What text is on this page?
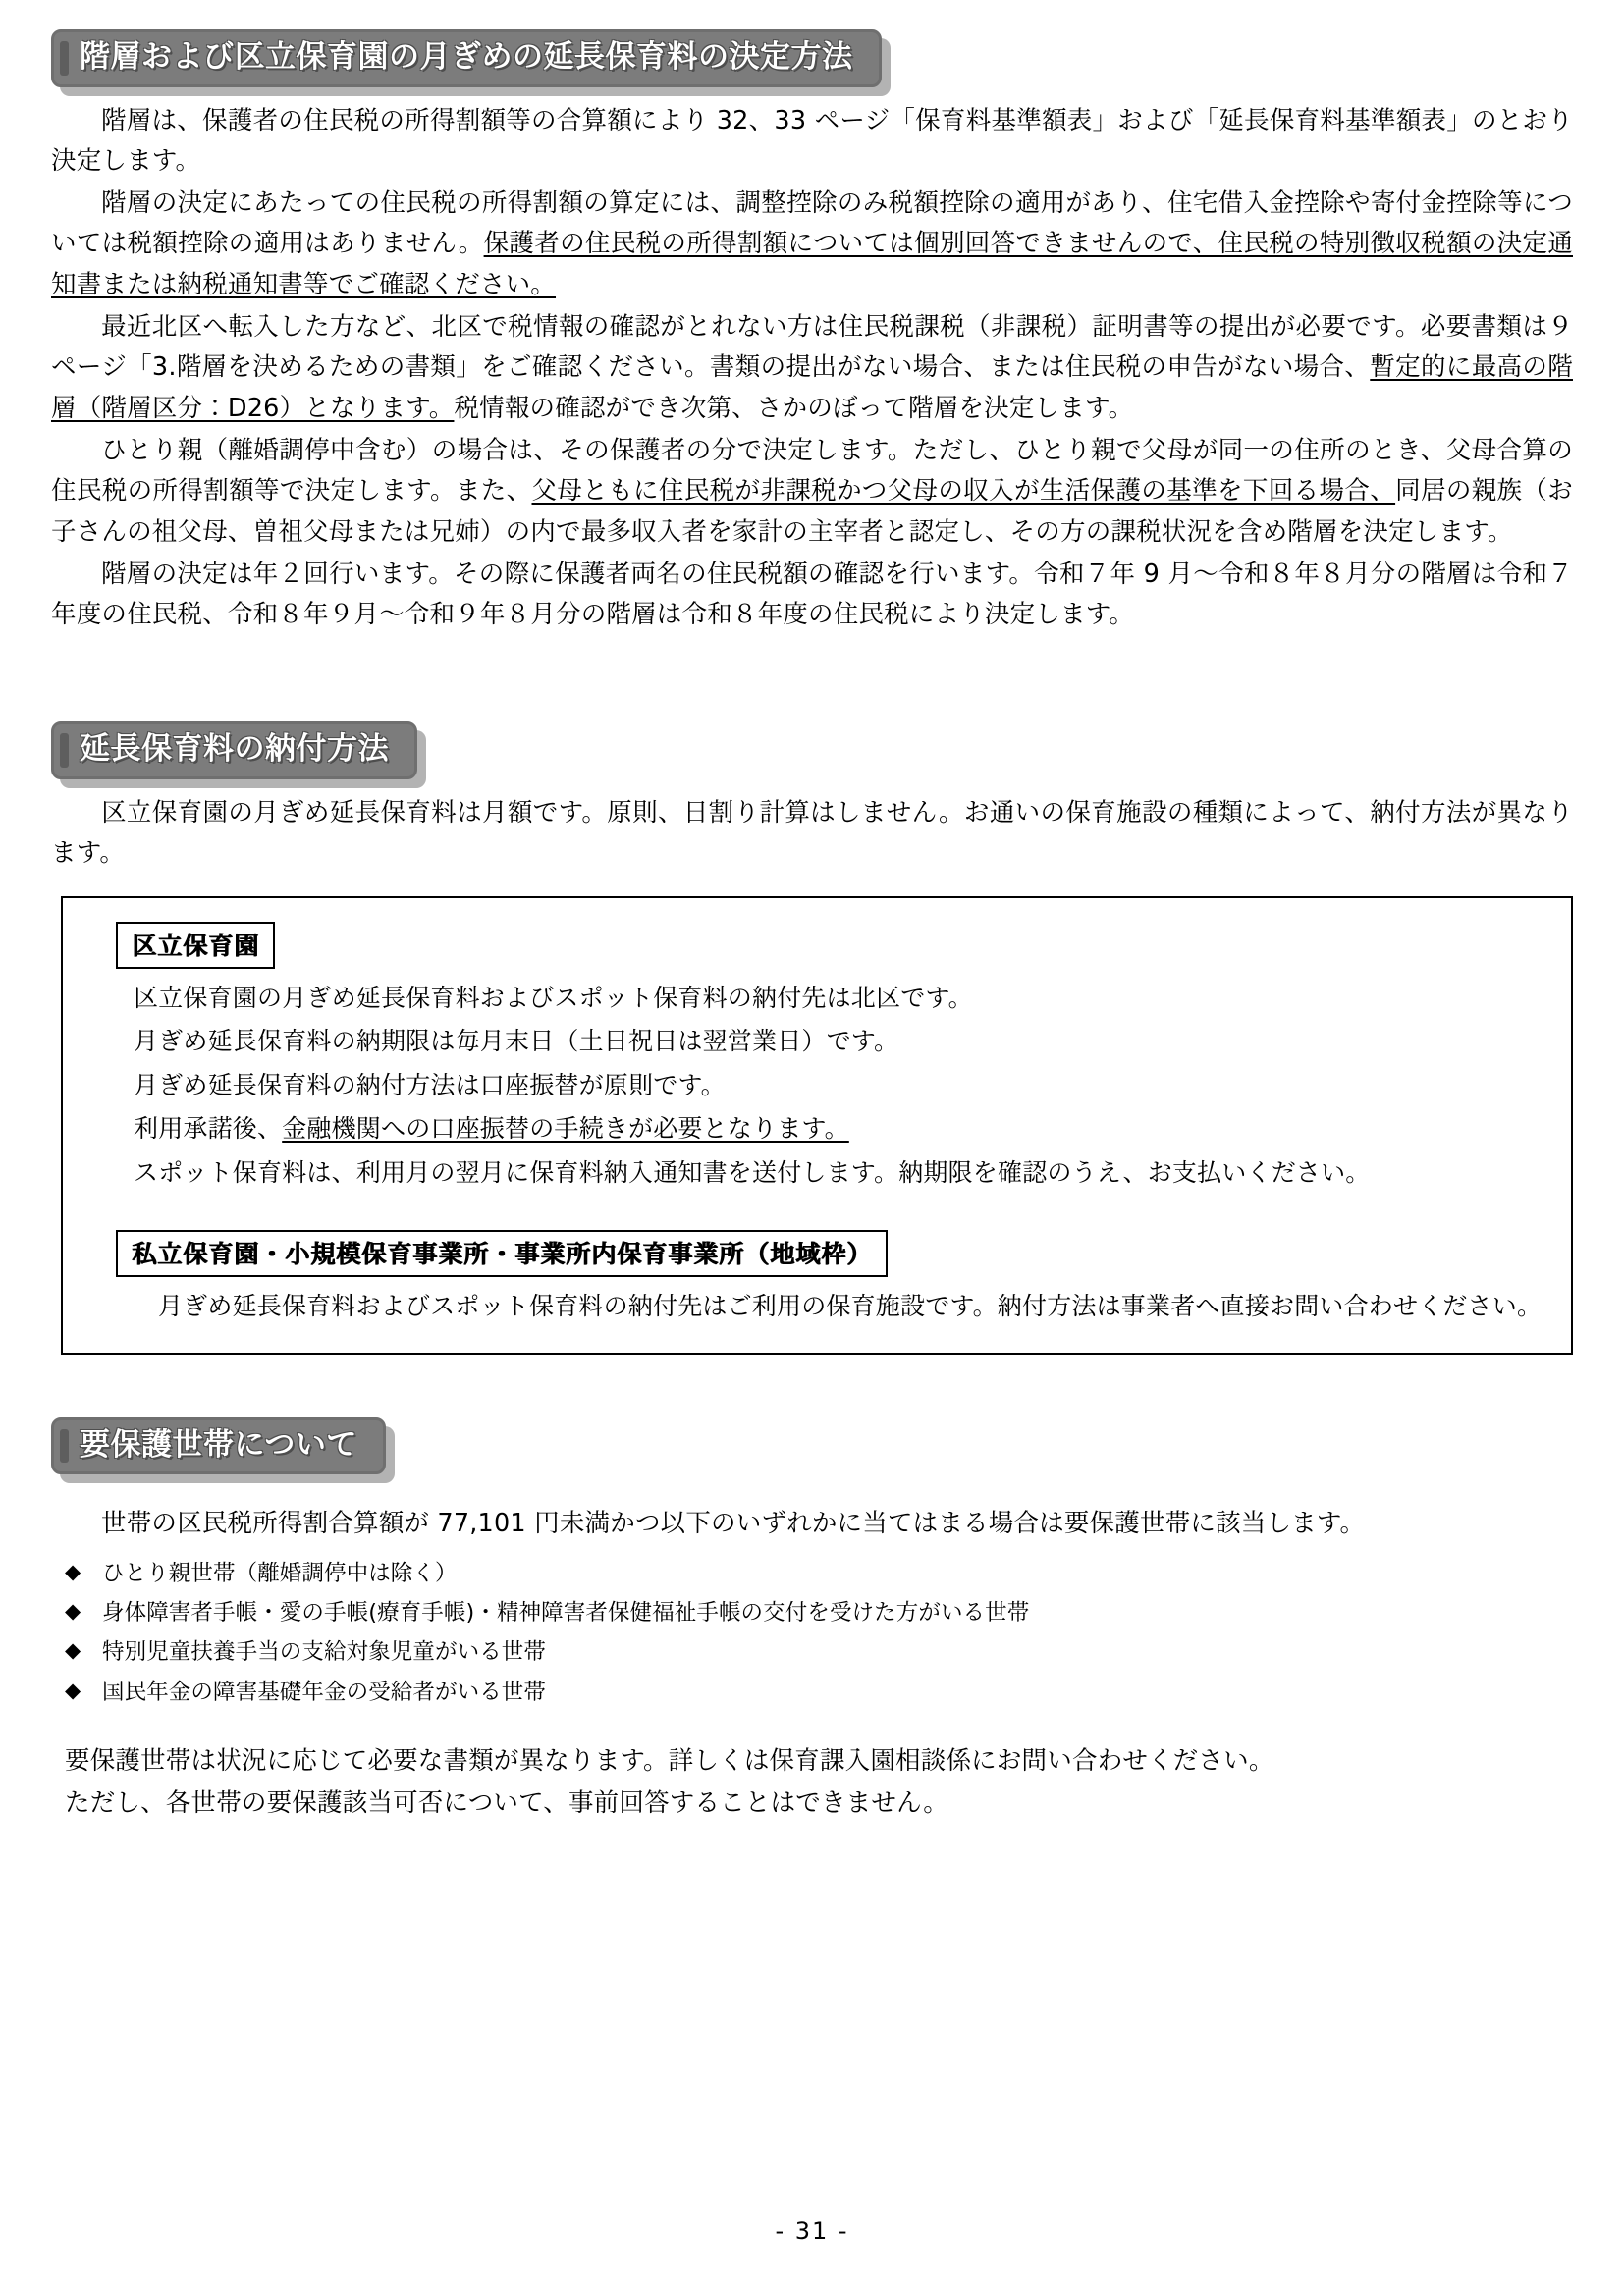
階層および区立保育園の月ぎめの延長保育料の決定方法

階層は、保護者の住民税の所得割額等の合算額により 32、33 ページ「保育料基準額表」および「延長保育料基準額表」のとおり決定します。

階層の決定にあたっての住民税の所得割額の算定には、調整控除のみ税額控除の適用があり、住宅借入金控除や寄付金控除等については税額控除の適用はありません。保護者の住民税の所得割額については個別回答できませんので、住民税の特別徴収税額の決定通知書または納税通知書等でご確認ください。

最近北区へ転入した方など、北区で税情報の確認がとれない方は住民税課税（非課税）証明書等の提出が必要です。必要書類は９ページ「3.階層を決めるための書類」をご確認ください。書類の提出がない場合、または住民税の申告がない場合、暫定的に最高の階層（階層区分：D26）となります。税情報の確認ができ次第、さかのぼって階層を決定します。

ひとり親（離婚調停中含む）の場合は、その保護者の分で決定します。ただし、ひとり親で父母が同一の住所のとき、父母合算の住民税の所得割額等で決定します。また、父母ともに住民税が非課税かつ父母の収入が生活保護の基準を下回る場合、同居の親族（お子さんの祖父母、曽祖父母または兄姉）の内で最多収入者を家計の主宰者と認定し、その方の課税状況を含め階層を決定します。

階層の決定は年２回行います。その際に保護者両名の住民税額の確認を行います。令和７年 9 月～令和８年８月分の階層は令和７年度の住民税、令和８年９月～令和９年８月分の階層は令和８年度の住民税により決定します。

延長保育料の納付方法

区立保育園の月ぎめ延長保育料は月額です。原則、日割り計算はしません。お通いの保育施設の種類によって、納付方法が異なります。

区立保育園
区立保育園の月ぎめ延長保育料およびスポット保育料の納付先は北区です。
月ぎめ延長保育料の納期限は毎月末日（土日祝日は翌営業日）です。
月ぎめ延長保育料の納付方法は口座振替が原則です。
利用承諾後、金融機関への口座振替の手続きが必要となります。
スポット保育料は、利用月の翌月に保育料納入通知書を送付します。納期限を確認のうえ、お支払いください。
私立保育園・小規模保育事業所・事業所内保育事業所（地域枠）
月ぎめ延長保育料およびスポット保育料の納付先はご利用の保育施設です。納付方法は事業者へ直接お問い合わせください。
要保護世帯について

世帯の区民税所得割合算額が 77,101 円未満かつ以下のいずれかに当てはまる場合は要保護世帯に該当します。

◆ ひとり親世帯（離婚調停中は除く）
◆ 身体障害者手帳・愛の手帳(療育手帳)・精神障害者保健福祉手帳の交付を受けた方がいる世帯
◆ 特別児童扶養手当の支給対象児童がいる世帯
◆ 国民年金の障害基礎年金の受給者がいる世帯

要保護世帯は状況に応じて必要な書類が異なります。詳しくは保育課入園相談係にお問い合わせください。

ただし、各世帯の要保護該当可否について、事前回答することはできません。

- 31 -
